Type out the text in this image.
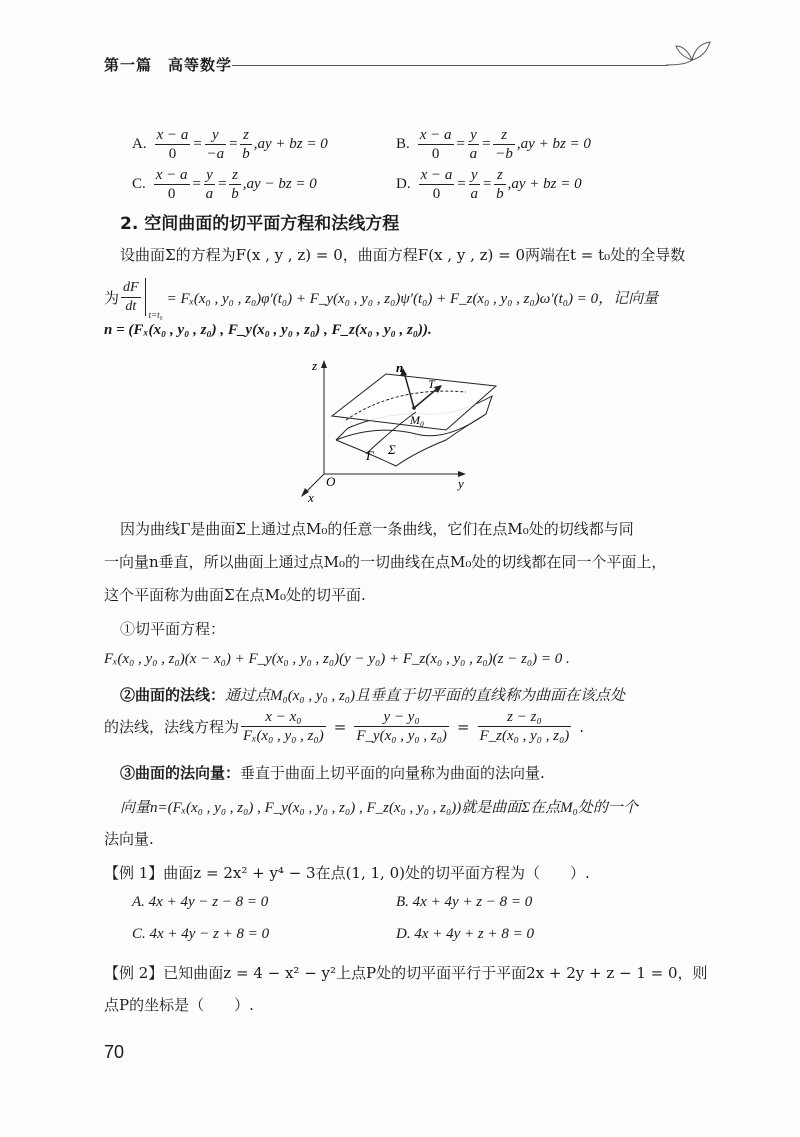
第一篇　高等数学
A. $\frac{x - a}{0} = \frac{y}{-a} = \frac{z}{b} ,ay$ + bz = 0	B. $\frac{x - a}{0} = \frac{y}{a} = \frac{z}{-b} ,ay$ + bz = 0
C. $\frac{x - a}{0} = \frac{y}{a} = \frac{z}{b} ,ay$ − bz = 0	D. $\frac{x - a}{0} = \frac{y}{a} = \frac{z}{b} ,ay$ + bz = 0
2. 空间曲面的切平面方程和法线方程
设曲面Σ的方程为F(x , y , z) = 0，曲面方程F(x , y , z) = 0两端在t = t₀处的全导数
为 $\frac{dF}{dt} t=t_0$
= Fₓ(x₀ , y₀ , z₀)φ′(t₀) + F_y(x₀ , y₀ , z₀)ψ′(t₀) + F_z(x₀ , y₀ , z₀)ω′(t₀) = 0，记向量
n = (Fₓ(x₀ , y₀ , z₀) , F_y(x₀ , y₀ , z₀) , F_z(x₀ , y₀ , z₀)).
z
y
x
O
n
T
M₀
Γ Σ
因为曲线Γ是曲面Σ上通过点M₀的任意一条曲线，它们在点M₀处的切线都与同
一向量n垂直，所以曲面上通过点M₀的一切曲线在点M₀处的切线都在同一个平面上，
这个平面称为曲面Σ在点M₀处的切平面.
①切平面方程：
Fₓ(x₀ , y₀ , z₀)(x − x₀) + F_y(x₀ , y₀ , z₀)(y − y₀) + F_z(x₀ , y₀ , z₀)(z − z₀) = 0 .
②曲面的法线：通过点M₀(x₀ , y₀ , z₀)且垂直于切平面的直线称为曲面在该点处
的法线，法线方程为 $\frac{\text{x − x₀}}{\text{Fₓ(x₀ , y₀ , z₀)}} = \frac{\text{y − y₀}}{\text{F\_y(x₀ , y₀ , z₀)}} = \frac{\text{z − z₀}}{\text{F\_z(x₀ , y₀ , z₀)}}$ .
③曲面的法向量：垂直于曲面上切平面的向量称为曲面的法向量.
向量n=(Fₓ(x₀ , y₀ , z₀) , F_y(x₀ , y₀ , z₀) , F_z(x₀ , y₀ , z₀))就是曲面Σ在点M₀处的一个
法向量.
【例 1】曲面z = 2x² + y⁴ − 3在点(1, 1, 0)处的切平面方程为（　　）.
A. 4x + 4y − z − 8 = 0	B. 4x + 4y + z − 8 = 0
C. 4x + 4y − z + 8 = 0	D. 4x + 4y + z + 8 = 0
【例 2】已知曲面z = 4 − x² − y²上点P处的切平面平行于平面2x + 2y + z − 1 = 0，则
点P的坐标是（　　）.
70
